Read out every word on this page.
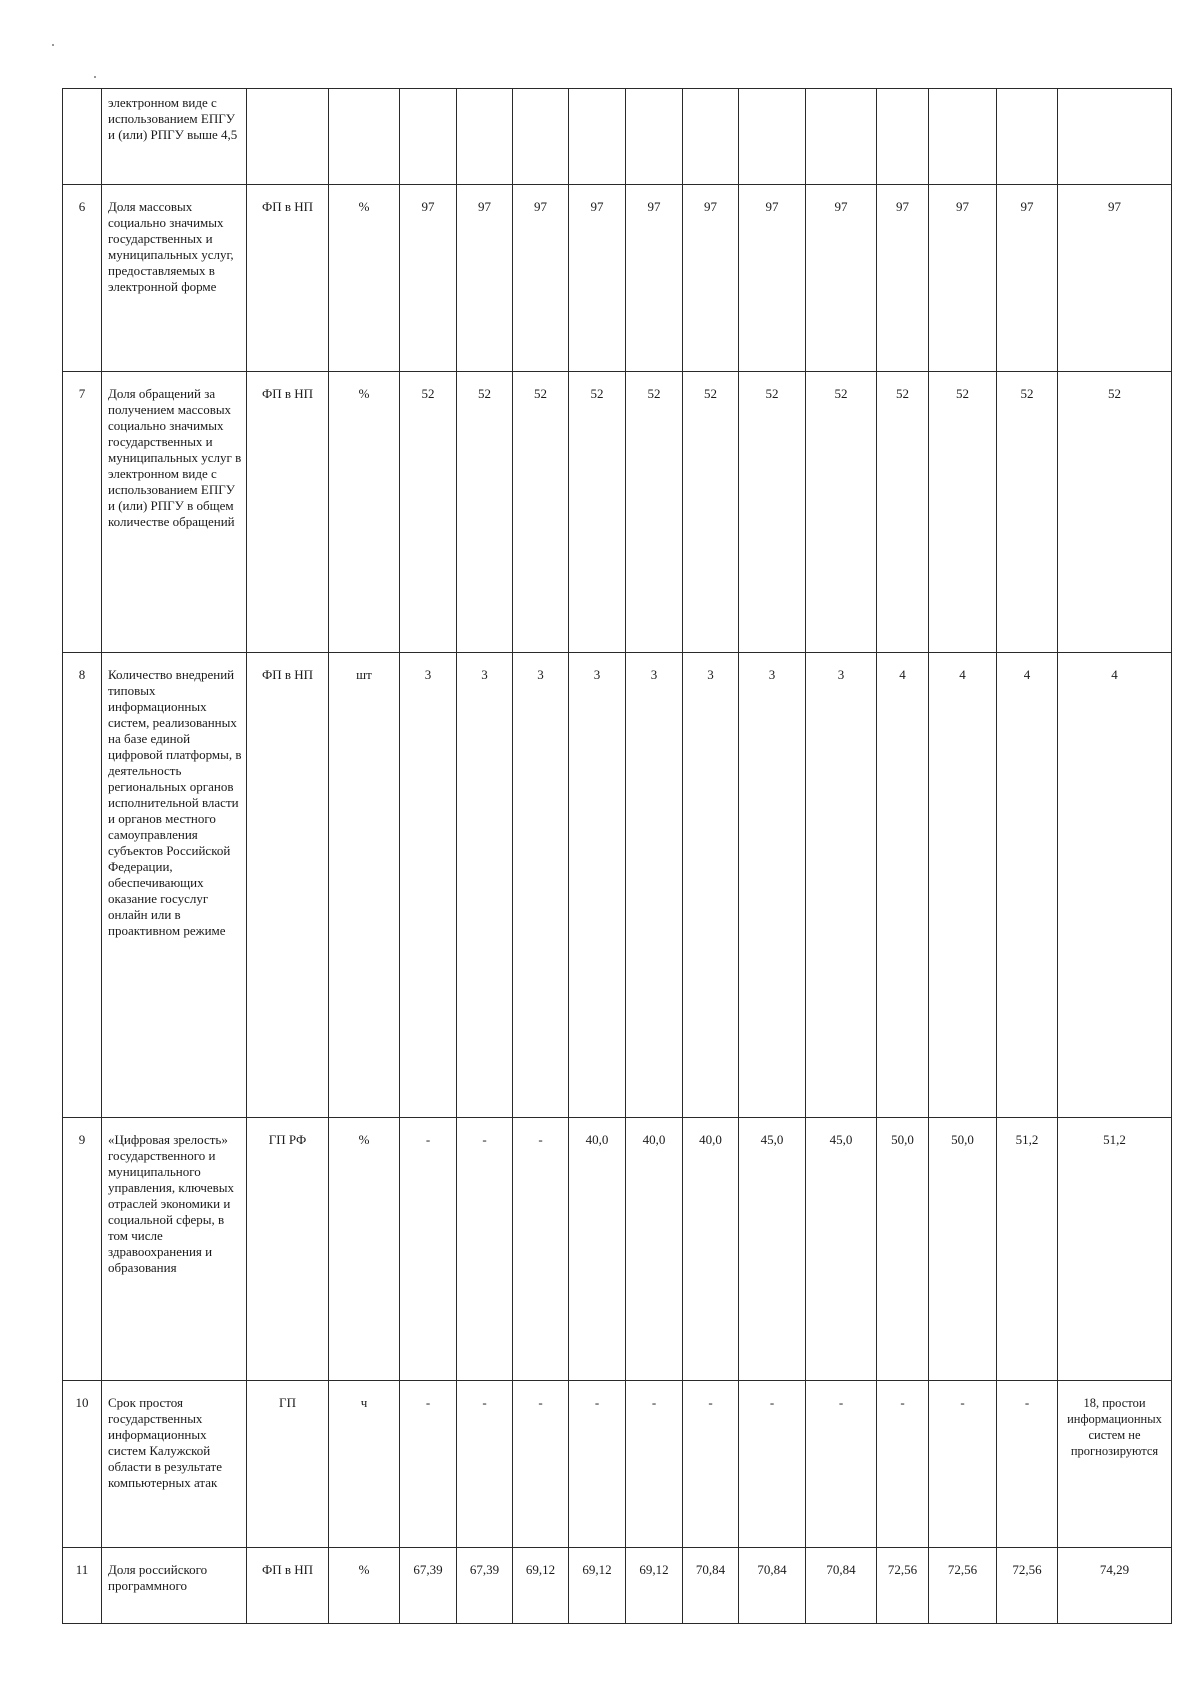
	электронном виде с использованием ЕПГУ и (или) РПГУ выше 4,5														
6	Доля массовых социально значимых государственных и муниципальных услуг, предоставляемых в электронной форме	ФП в НП	%	97	97	97	97	97	97	97	97	97	97	97	97
7	Доля обращений за получением массовых социально значимых государственных и муниципальных услуг в электронном виде с использованием ЕПГУ и (или) РПГУ в общем количестве обращений	ФП в НП	%	52	52	52	52	52	52	52	52	52	52	52	52
8	Количество внедрений типовых информационных систем, реализованных на базе единой цифровой платформы, в деятельность региональных органов исполнительной власти и органов местного самоуправления субъектов Российской Федерации, обеспечивающих оказание госуслуг онлайн или в проактивном режиме	ФП в НП	шт	3	3	3	3	3	3	3	3	4	4	4	4
9	«Цифровая зрелость» государственного и муниципального управления, ключевых отраслей экономики и социальной сферы, в том числе здравоохранения и образования	ГП РФ	%	-	-	-	40,0	40,0	40,0	45,0	45,0	50,0	50,0	51,2	51,2
10	Срок простоя государственных информационных систем Калужской области в результате компьютерных атак	ГП	ч	-	-	-	-	-	-	-	-	-	-	-	18, простои информационных систем не прогнозируются
11	Доля российского программного	ФП в НП	%	67,39	67,39	69,12	69,12	69,12	70,84	70,84	70,84	72,56	72,56	72,56	74,29
